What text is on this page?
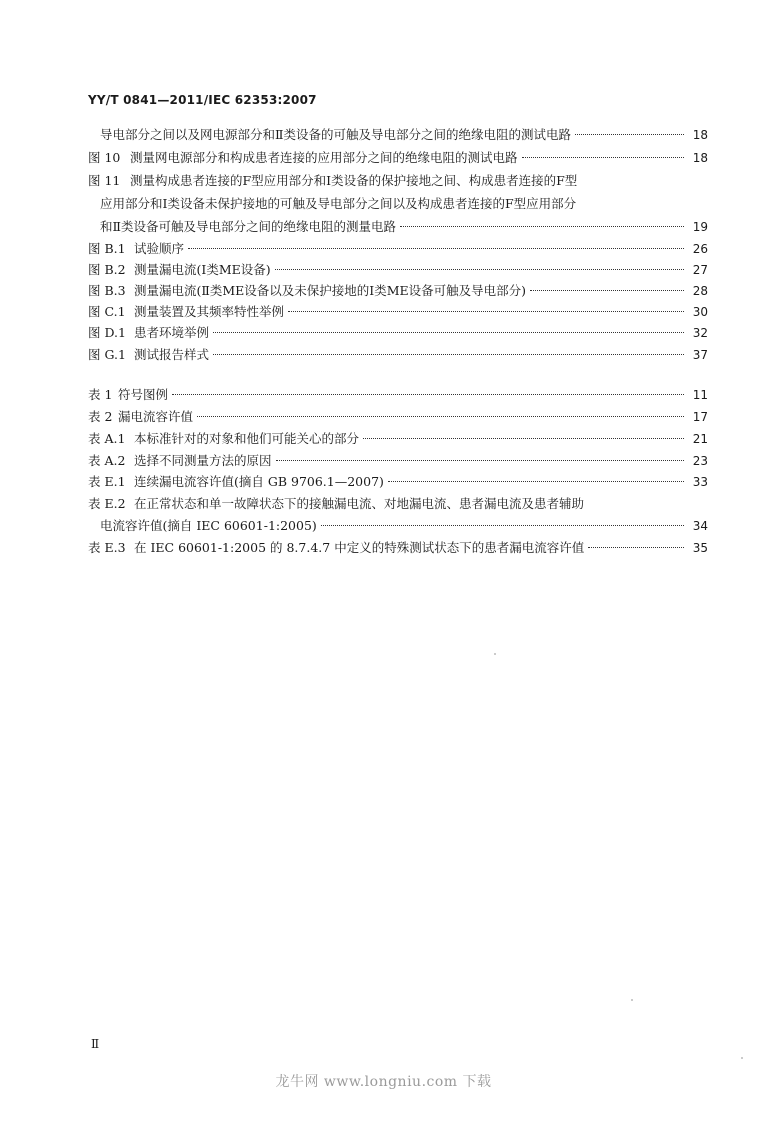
YY/T 0841—2011/IEC 62353:2007
导电部分之间以及网电源部分和Ⅱ类设备的可触及导电部分之间的绝缘电阻的测试电路	18
图 10 测量网电源部分和构成患者连接的应用部分之间的绝缘电阻的测试电路	18
图 11 测量构成患者连接的F型应用部分和Ⅰ类设备的保护接地之间、构成患者连接的F型
应用部分和Ⅰ类设备未保护接地的可触及导电部分之间以及构成患者连接的F型应用部分
和Ⅱ类设备可触及导电部分之间的绝缘电阻的测量电路	19
图 B.1 试验顺序	26
图 B.2 测量漏电流(Ⅰ类ME设备)	27
图 B.3 测量漏电流(Ⅱ类ME设备以及未保护接地的Ⅰ类ME设备可触及导电部分)	28
图 C.1 测量装置及其频率特性举例	30
图 D.1 患者环境举例	32
图 G.1 测试报告样式	37
表 1 符号图例	11
表 2 漏电流容许值	17
表 A.1 本标准针对的对象和他们可能关心的部分	21
表 A.2 选择不同测量方法的原因	23
表 E.1 连续漏电流容许值(摘自 GB 9706.1—2007)	33
表 E.2 在正常状态和单一故障状态下的接触漏电流、对地漏电流、患者漏电流及患者辅助
电流容许值(摘自 IEC 60601-1:2005)	34
表 E.3 在 IEC 60601-1:2005 的 8.7.4.7 中定义的特殊测试状态下的患者漏电流容许值	35
Ⅱ
龙牛网 www.longniu.com 下载
